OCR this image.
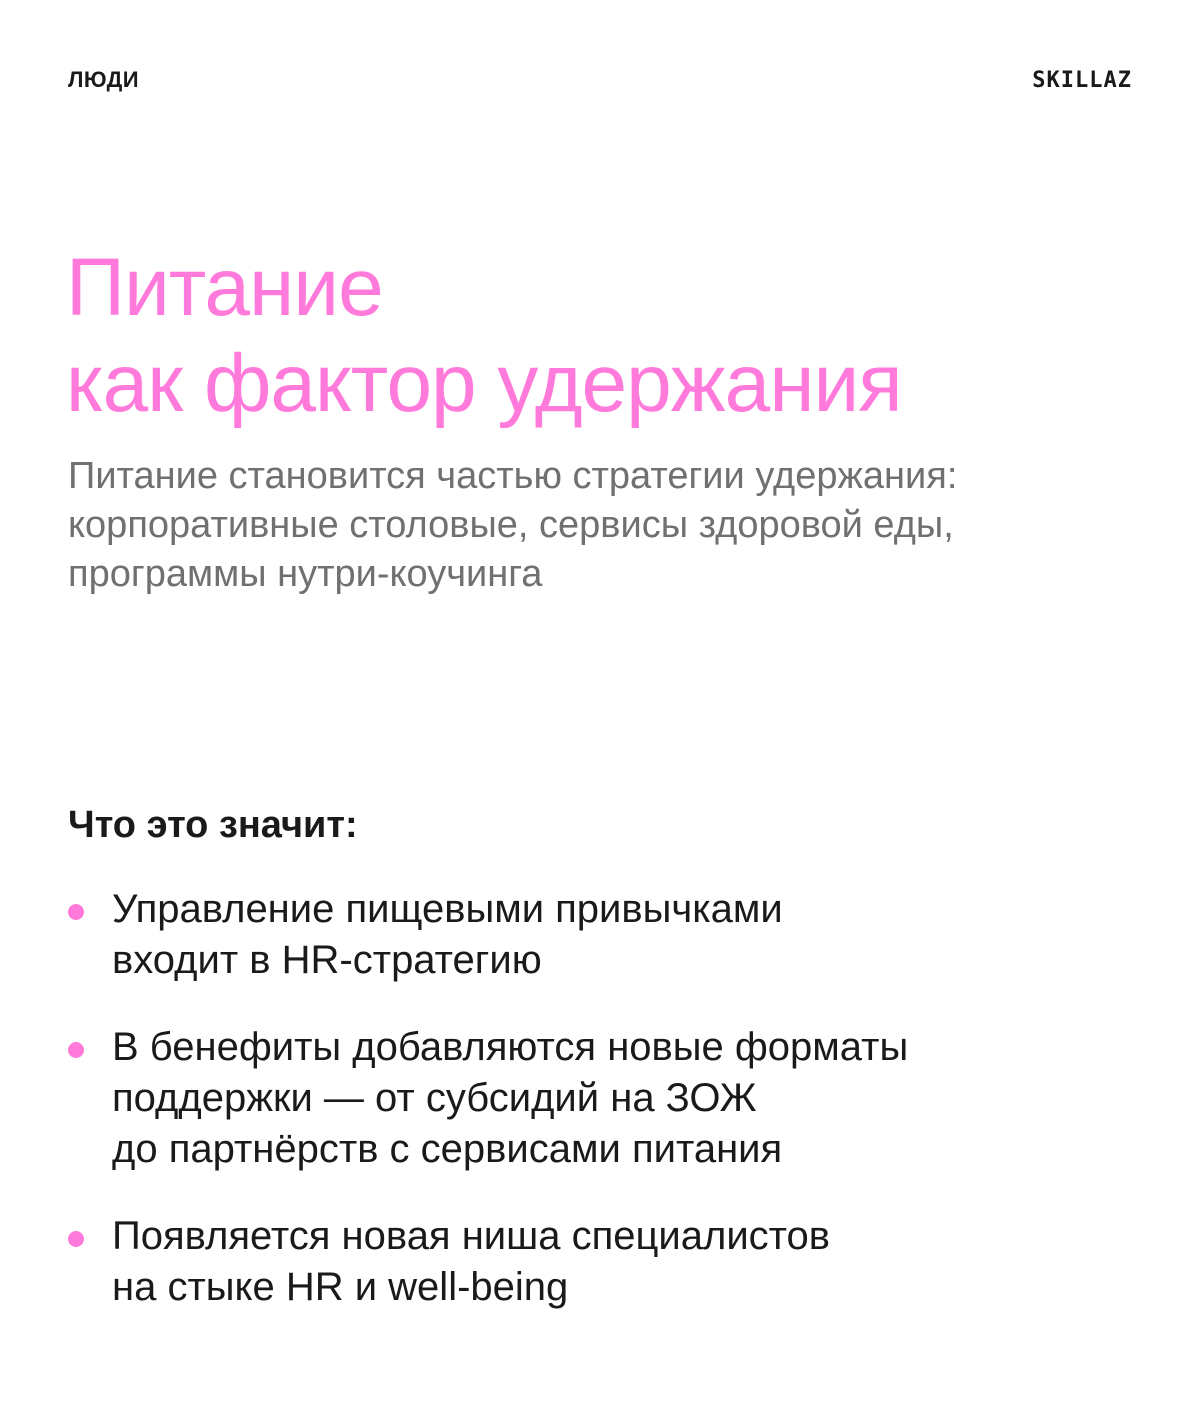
ЛЮДИ	SKILLAZ
Питание
как фактор удержания

Питание становится частью стратегии удержания:
корпоративные столовые, сервисы здоровой еды,
программы нутри-коучинга

Что это значит:
Управление пищевыми привычками
входит в HR-стратегию
В бенефиты добавляются новые форматы
поддержки — от субсидий на ЗОЖ
до партнёрств с сервисами питания
Появляется новая ниша специалистов
на стыке HR и well-being
